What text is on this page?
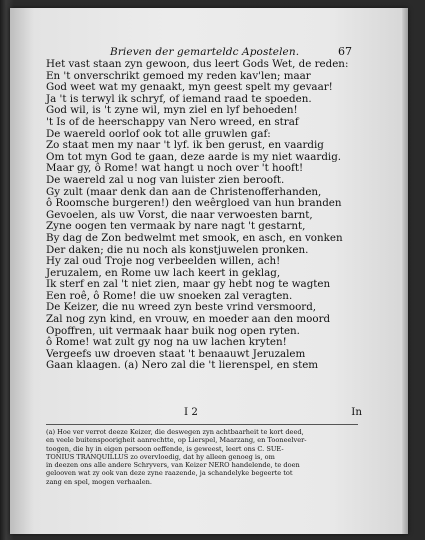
Brieven der gemarteldc Apostelen.	67
Het vast staan zyn gewoon, dus leert Gods Wet, de reden:
En 't onverschrikt gemoed my reden kav'len; maar
God weet wat my genaakt, myn geest spelt my gevaar!
Ja 't is terwyl ik schryf, of iemand raad te spoeden.
God wil, is 't zyne wil, myn ziel en lyf behoeden!
't Is of de heerschappy van Nero wreed, en straf
De waereld oorlof ook tot alle gruwlen gaf:
Zo staat men my naar 't lyf. ik ben gerust, en vaardig
Om tot myn God te gaan, deze aarde is my niet waardig.
Maar gy, ô Rome! wat hangt u noch over 't hooft!
De waereld zal u nog van luister zien berooft.
Gy zult (maar denk dan aan de Christenofferhanden,
ô Roomsche burgeren!) den weêrgloed van hun branden
Gevoelen, als uw Vorst, die naar verwoesten barnt,
Zyne oogen ten vermaak by nare nagt 't gestarnt,
By dag de Zon bedwelmt met smook, en asch, en vonken
Der daken; die nu noch als konstjuwelen pronken.
Hy zal oud Troje nog verbeelden willen, ach!
Jeruzalem, en Rome uw lach keert in geklag,
Ik sterf en zal 't niet zien, maar gy hebt nog te wagten
Een roê, ô Rome! die uw snoeken zal veragten.
De Keizer, die nu wreed zyn beste vrind versmoord,
Zal nog zyn kind, en vrouw, en moeder aan den moord
Opoffren, uit vermaak haar buik nog open ryten.
ô Rome! wat zult gy nog na uw lachen kryten!
Vergeefs uw droeven staat 't benaauwt Jeruzalem
Gaan klaagen. (a) Nero zal die 't lierenspel, en stem
I 2	In
(a) Hoe ver verrot deeze Keizer, die deswegen zyn achtbaarheit te kort deed,
en veele buitenspoorigheit aanrechtte, op Lierspel, Maarzang, en Tooneelver-
toogen, die hy in eigen persoon oeffende, is geweest, leert ons C. SUE-
TONIUS TRANQUILLUS zo overvloedig, dat hy alleen genoeg is, om
in deezen ons alle andere Schryvers, van Keizer NERO handelende, te doen
gelooven wat zy ook van deze zyne raazende, ja schandelyke begeerte tot
zang en spel, mogen verhaalen.
